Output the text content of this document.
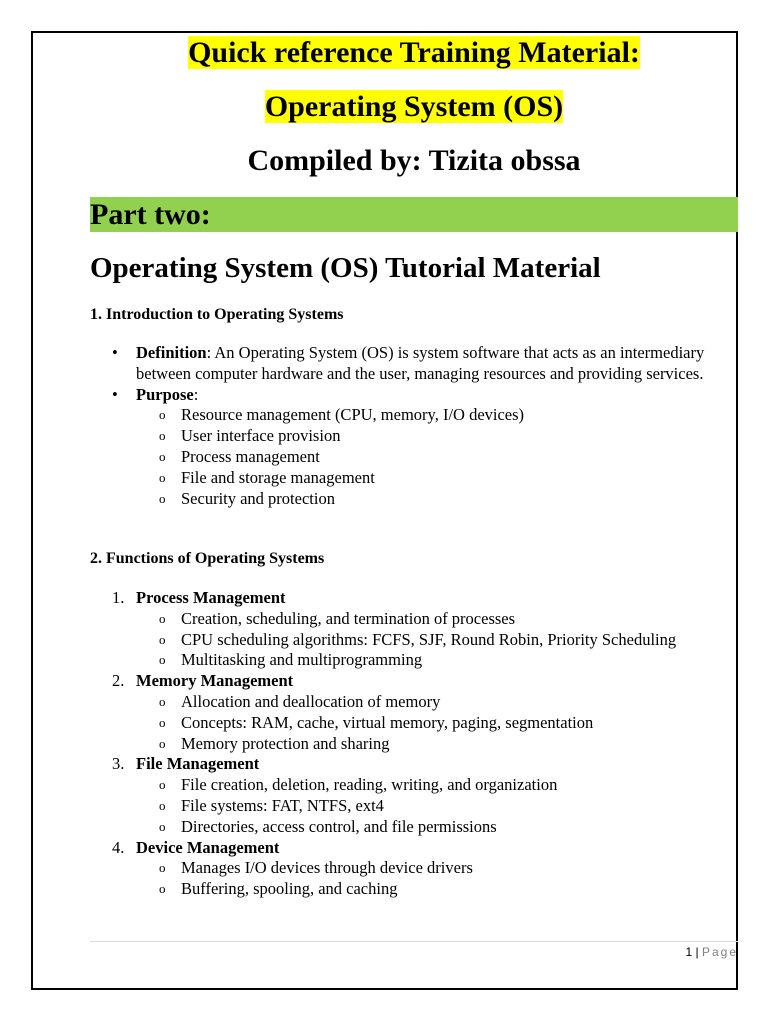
Quick reference Training Material:
Operating System (OS)
Compiled by: Tizita obssa
Part two:
Operating System (OS) Tutorial Material
1. Introduction to Operating Systems
• Definition: An Operating System (OS) is system software that acts as an intermediary between computer hardware and the user, managing resources and providing services.
• Purpose:
o Resource management (CPU, memory, I/O devices)
o User interface provision
o Process management
o File and storage management
o Security and protection
2. Functions of Operating Systems
1. Process Management
o Creation, scheduling, and termination of processes
o CPU scheduling algorithms: FCFS, SJF, Round Robin, Priority Scheduling
o Multitasking and multiprogramming
2. Memory Management
o Allocation and deallocation of memory
o Concepts: RAM, cache, virtual memory, paging, segmentation
o Memory protection and sharing
3. File Management
o File creation, deletion, reading, writing, and organization
o File systems: FAT, NTFS, ext4
o Directories, access control, and file permissions
4. Device Management
o Manages I/O devices through device drivers
o Buffering, spooling, and caching
1 | Page
